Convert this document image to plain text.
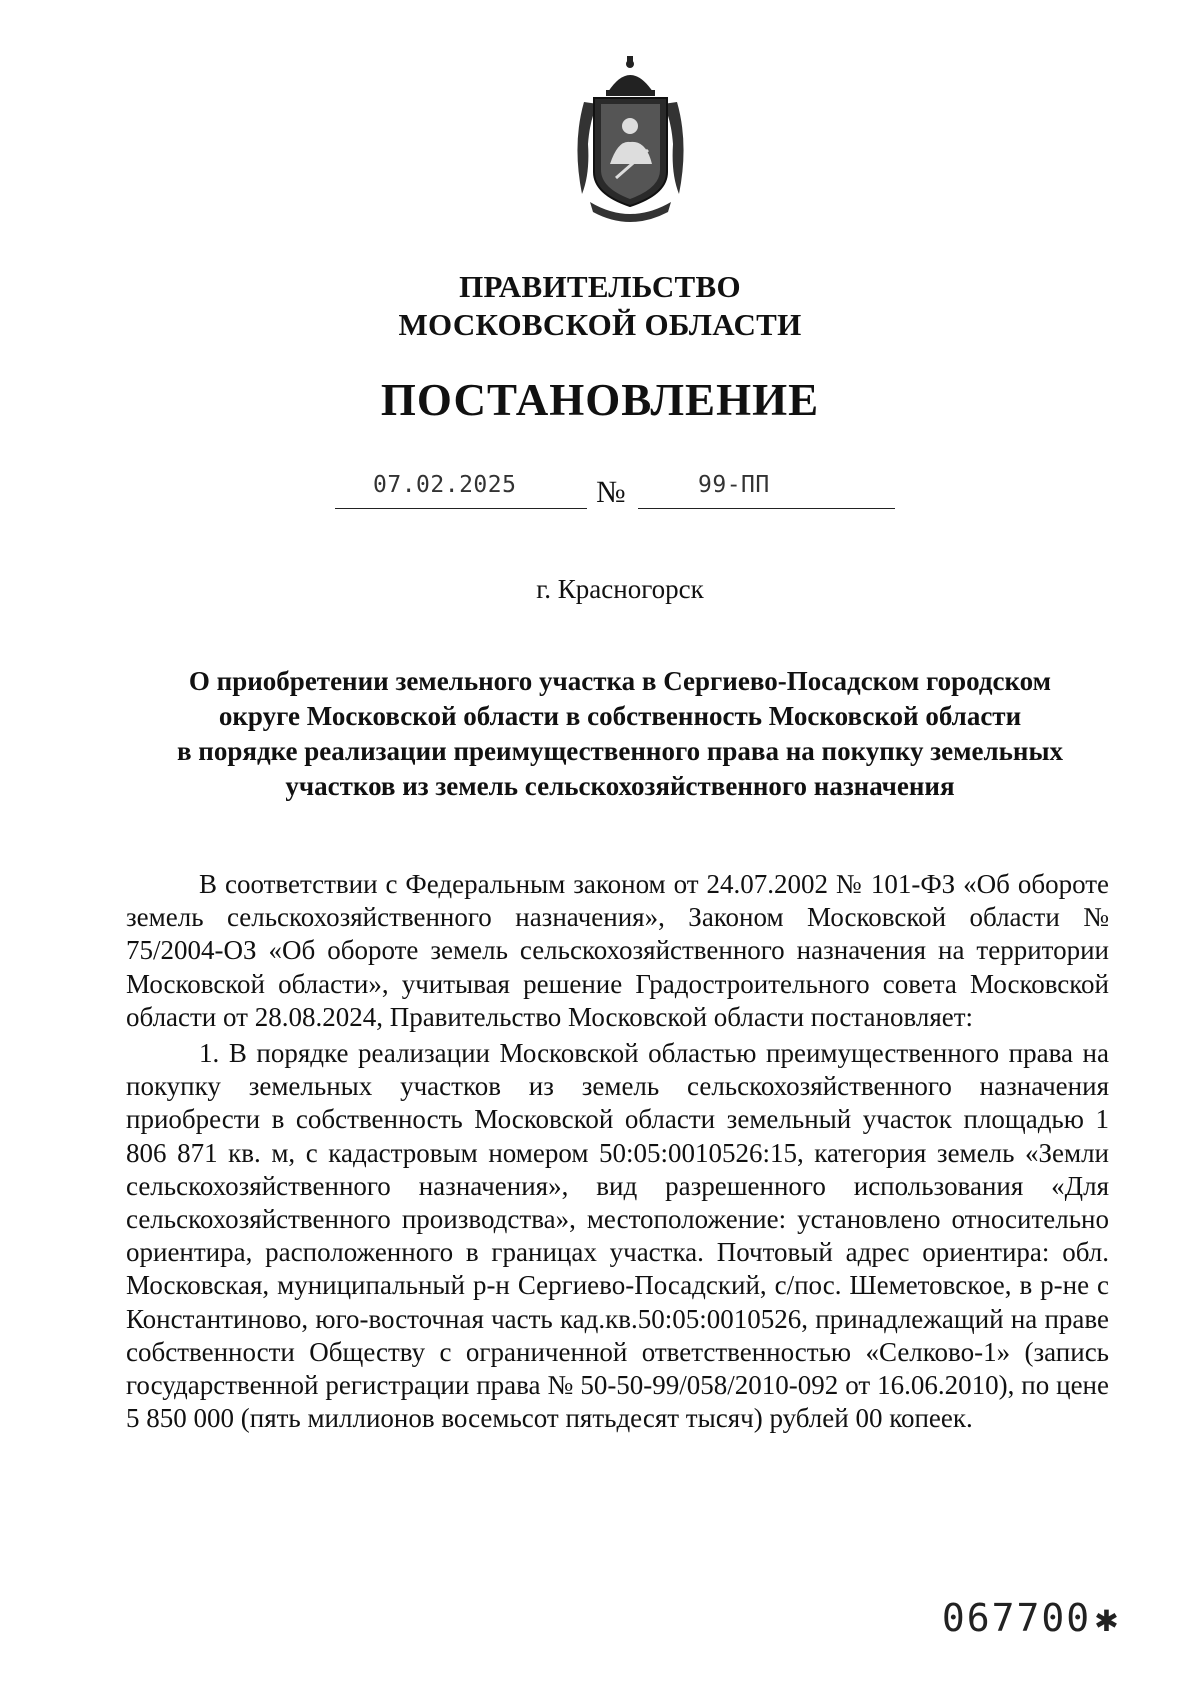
ПРАВИТЕЛЬСТВО
МОСКОВСКОЙ ОБЛАСТИ
ПОСТАНОВЛЕНИЕ
07.02.2025	№	99-ПП
г. Красногорск
О приобретении земельного участка в Сергиево-Посадском городском
округе Московской области в собственность Московской области
в порядке реализации преимущественного права на покупку земельных
участков из земель сельскохозяйственного назначения

В соответствии с Федеральным законом от 24.07.2002 № 101-ФЗ «Об обороте земель сельскохозяйственного назначения», Законом Московской области № 75/2004-ОЗ «Об обороте земель сельскохозяйственного назначения на территории Московской области», учитывая решение Градостроительного совета Московской области от 28.08.2024, Правительство Московской области постановляет:

1. В порядке реализации Московской областью преимущественного права на покупку земельных участков из земель сельскохозяйственного назначения приобрести в собственность Московской области земельный участок площадью 1 806 871 кв. м, с кадастровым номером 50:05:0010526:15, категория земель «Земли сельскохозяйственного назначения», вид разрешенного использования «Для сельскохозяйственного производства», местоположение: установлено относительно ориентира, расположенного в границах участка. Почтовый адрес ориентира: обл. Московская, муниципальный р-н Сергиево-Посадский, с/пос. Шеметовское, в р-не с Константиново, юго-восточная часть кад.кв.50:05:0010526, принадлежащий на праве собственности Обществу с ограниченной ответственностью «Селково-1» (запись государственной регистрации права № 50-50-99/058/2010-092 от 16.06.2010), по цене 5 850 000 (пять миллионов восемьсот пятьдесят тысяч) рублей 00 копеек.

067700 ✱
